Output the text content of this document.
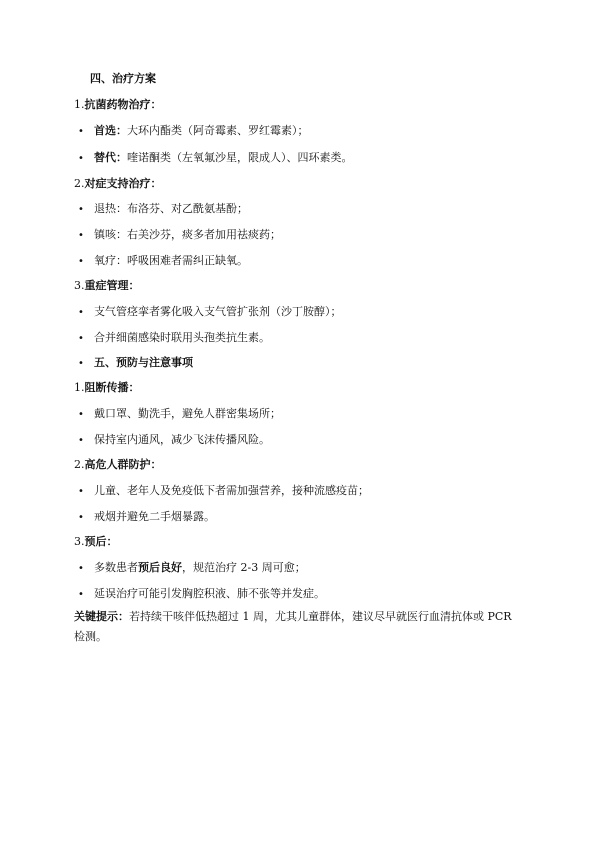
四、治疗方案
1.抗菌药物治疗：
• 首选：大环内酯类（阿奇霉素、罗红霉素）；
• 替代：喹诺酮类（左氧氟沙星，限成人）、四环素类。
2.对症支持治疗：
• 退热：布洛芬、对乙酰氨基酚；
• 镇咳：右美沙芬，痰多者加用祛痰药；
• 氧疗：呼吸困难者需纠正缺氧。
3.重症管理：
• 支气管痉挛者雾化吸入支气管扩张剂（沙丁胺醇）；
• 合并细菌感染时联用头孢类抗生素。
• 五、预防与注意事项
1.阻断传播：
• 戴口罩、勤洗手，避免人群密集场所；
• 保持室内通风，减少飞沫传播风险。
2.高危人群防护：
• 儿童、老年人及免疫低下者需加强营养，接种流感疫苗；
• 戒烟并避免二手烟暴露。
3.预后：
• 多数患者预后良好，规范治疗 2-3 周可愈；
• 延误治疗可能引发胸腔积液、肺不张等并发症。
关键提示：若持续干咳伴低热超过 1 周，尤其儿童群体，建议尽早就医行血清抗体或 PCR 检测。
